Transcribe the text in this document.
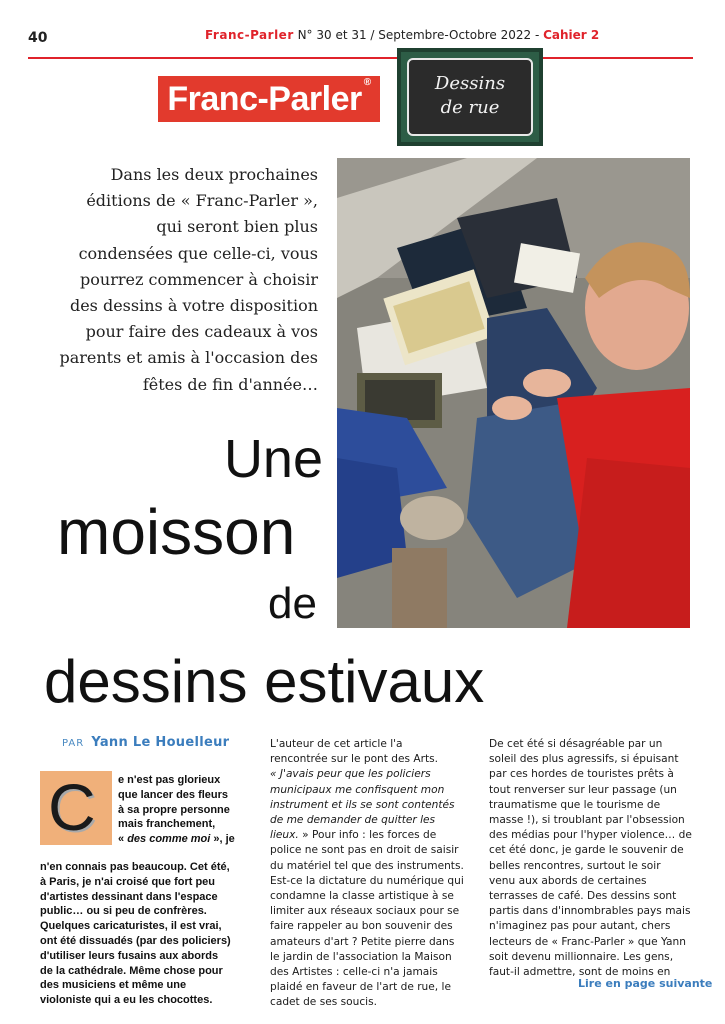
40	Franc-Parler N° 30 et 31 / Septembre-Octobre 2022 - Cahier 2
Franc-Parler ®	Dessins
de rue
Dans les deux prochaines
éditions de « Franc-Parler »,
qui seront bien plus
condensées que celle-ci, vous
pourrez commencer à choisir
des dessins à votre disposition
pour faire des cadeaux à vos
parents et amis à l'occasion des
fêtes de fin d'année…
Une
moisson
de
dessins estivaux
PAR Yann Le Houelleur
C e n'est pas glorieux
que lancer des fleurs
à sa propre personne
mais franchement,
« des comme moi », je
n'en connais pas beaucoup. Cet été,
à Paris, je n'ai croisé que fort peu
d'artistes dessinant dans l'espace
public… ou si peu de confrères.
Quelques caricaturistes, il est vrai,
ont été dissuadés (par des policiers)
d'utiliser leurs fusains aux abords
de la cathédrale. Même chose pour
des musiciens et même une
violoniste qui a eu les chocottes.
L'auteur de cet article l'a
rencontrée sur le pont des Arts.
« J'avais peur que les policiers
municipaux me confisquent mon
instrument et ils se sont contentés
de me demander de quitter les
lieux. » Pour info : les forces de
police ne sont pas en droit de saisir
du matériel tel que des instruments.
Est-ce la dictature du numérique qui
condamne la classe artistique à se
limiter aux réseaux sociaux pour se
faire rappeler au bon souvenir des
amateurs d'art ? Petite pierre dans
le jardin de l'association la Maison
des Artistes : celle-ci n'a jamais
plaidé en faveur de l'art de rue, le
cadet de ses soucis.
De cet été si désagréable par un
soleil des plus agressifs, si épuisant
par ces hordes de touristes prêts à
tout renverser sur leur passage (un
traumatisme que le tourisme de
masse !), si troublant par l'obsession
des médias pour l'hyper violence… de
cet été donc, je garde le souvenir de
belles rencontres, surtout le soir
venu aux abords de certaines
terrasses de café. Des dessins sont
partis dans d'innombrables pays mais
n'imaginez pas pour autant, chers
lecteurs de « Franc-Parler » que Yann
soit devenu millionnaire. Les gens,
faut-il admettre, sont de moins en
Lire en page suivante
